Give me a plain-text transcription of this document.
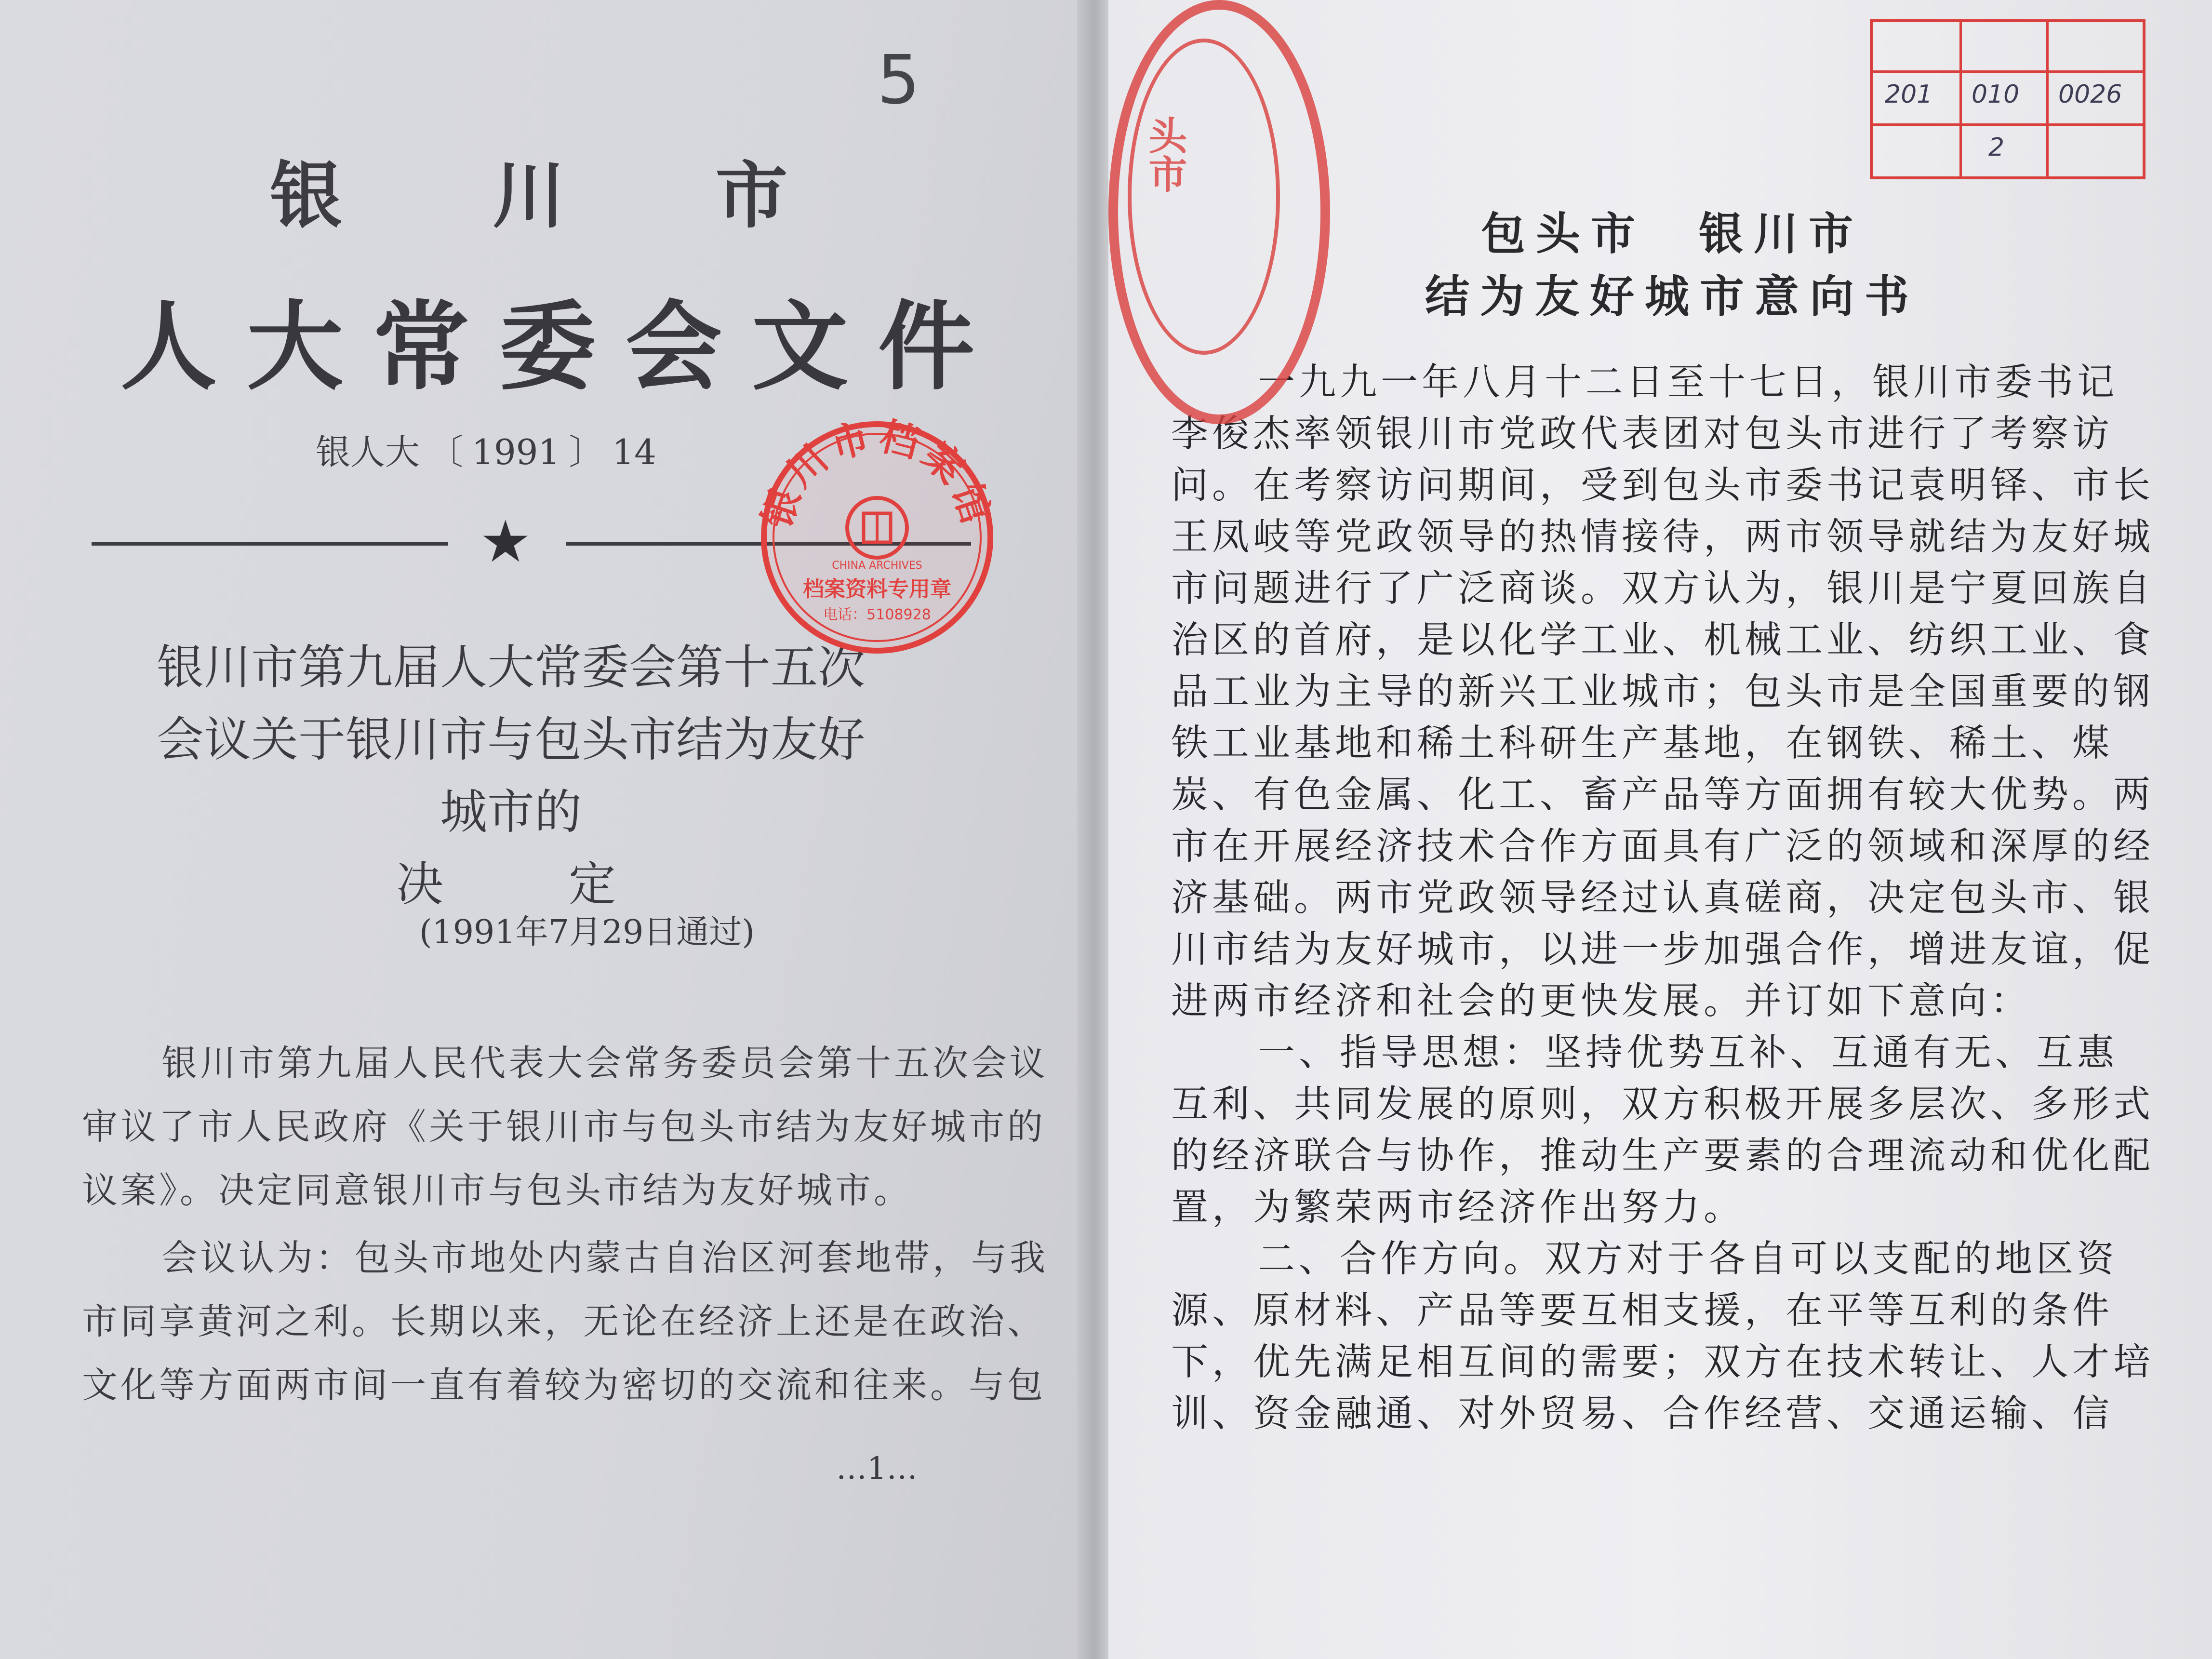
5
银 川 市
人大常委会文件
银人大 〔 1991 〕 14
★
银川市第九届人大常委会第十五次
会议关于银川市与包头市结为友好城市的
决定
(1991年7月29日通过)

银川市第九届人民代表大会常务委员会第十五次会议审议了市人民政府《关于银川市与包头市结为友好城市的议案》。决定同意银川市与包头市结为友好城市。

会议认为：包头市地处内蒙古自治区河套地带，与我市同享黄河之利。长期以来，无论在经济上还是在政治、文化等方面两市间一直有着较为密切的交流和往来。与包

…1…
银川市档案馆
CHINA ARCHIVES
档案资料专用章
电话：5108928
201 010 0026
2
包头市 银川市
结为友好城市意向书

一九九一年八月十二日至十七日，银川市委书记李俊杰率领银川市党政代表团对包头市进行了考察访问。在考察访问期间，受到包头市委书记袁明铎、市长王凤岐等党政领导的热情接待，两市领导就结为友好城市问题进行了广泛商谈。双方认为，银川是宁夏回族自治区的首府，是以化学工业、机械工业、纺织工业、食品工业为主导的新兴工业城市；包头市是全国重要的钢铁工业基地和稀土科研生产基地，在钢铁、稀土、煤炭、有色金属、化工、畜产品等方面拥有较大优势。两市在开展经济技术合作方面具有广泛的领域和深厚的经济基础。两市党政领导经过认真磋商，决定包头市、银川市结为友好城市，以进一步加强合作，增进友谊，促进两市经济和社会的更快发展。并订如下意向：

一、指导思想：坚持优势互补、互通有无、互惠互利、共同发展的原则，双方积极开展多层次、多形式的经济联合与协作，推动生产要素的合理流动和优化配置，为繁荣两市经济作出努力。

二、合作方向。双方对于各自可以支配的地区资源、原材料、产品等要互相支援，在平等互利的条件下，优先满足相互间的需要；双方在技术转让、人才培训、资金融通、对外贸易、合作经营、交通运输、信

头市
